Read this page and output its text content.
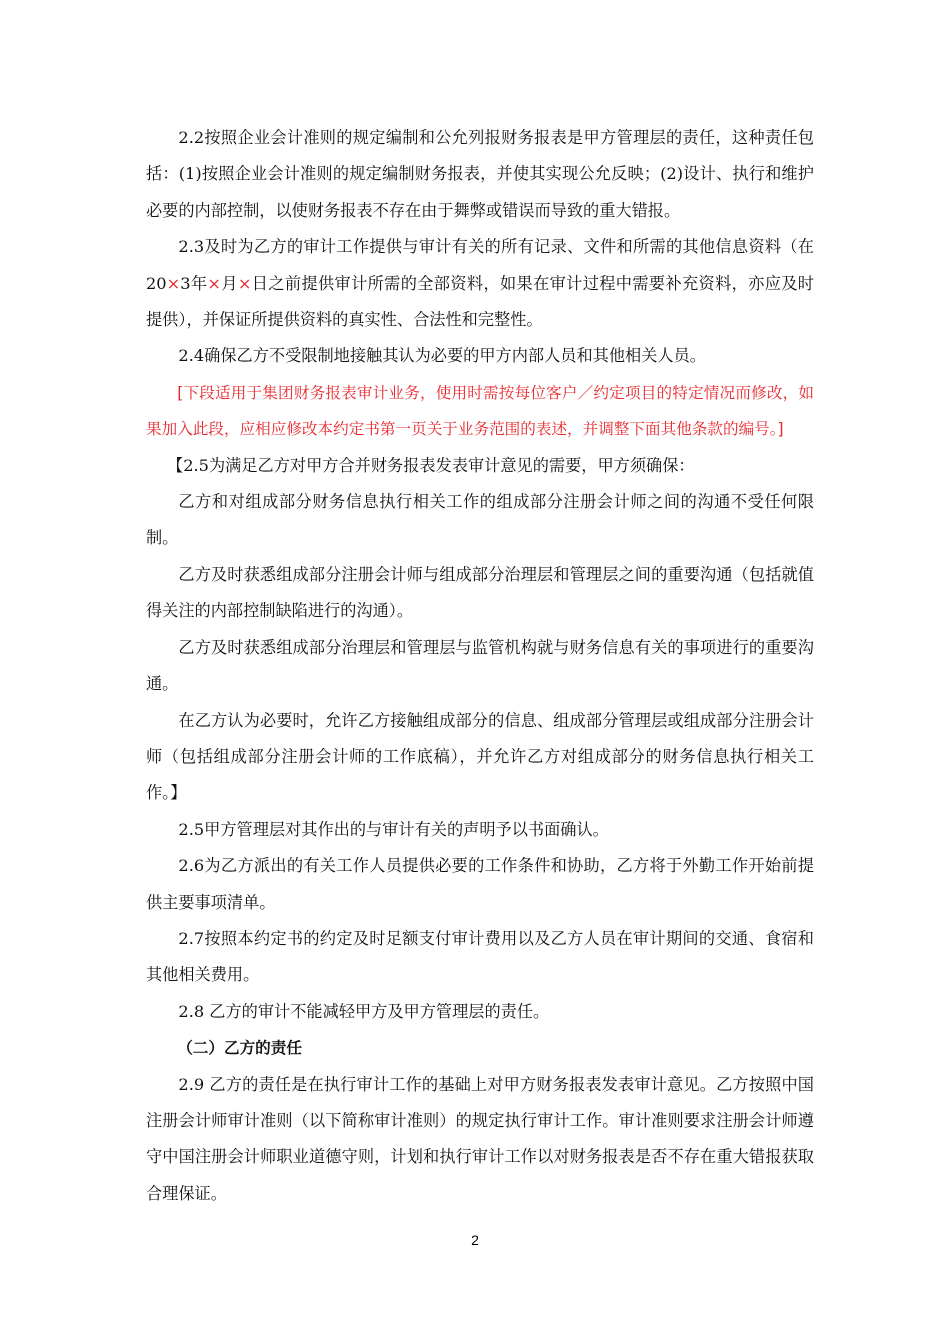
2.2按照企业会计准则的规定编制和公允列报财务报表是甲方管理层的责任，这种责任包括：(1)按照企业会计准则的规定编制财务报表，并使其实现公允反映；(2)设计、执行和维护必要的内部控制，以使财务报表不存在由于舞弊或错误而导致的重大错报。

2.3及时为乙方的审计工作提供与审计有关的所有记录、文件和所需的其他信息资料（在20×3年×月×日之前提供审计所需的全部资料，如果在审计过程中需要补充资料，亦应及时提供），并保证所提供资料的真实性、合法性和完整性。

2.4确保乙方不受限制地接触其认为必要的甲方内部人员和其他相关人员。

[下段适用于集团财务报表审计业务，使用时需按每位客户／约定项目的特定情况而修改，如果加入此段，应相应修改本约定书第一页关于业务范围的表述，并调整下面其他条款的编号。]

【2.5为满足乙方对甲方合并财务报表发表审计意见的需要，甲方须确保：

乙方和对组成部分财务信息执行相关工作的组成部分注册会计师之间的沟通不受任何限制。

乙方及时获悉组成部分注册会计师与组成部分治理层和管理层之间的重要沟通（包括就值得关注的内部控制缺陷进行的沟通）。

乙方及时获悉组成部分治理层和管理层与监管机构就与财务信息有关的事项进行的重要沟通。

在乙方认为必要时，允许乙方接触组成部分的信息、组成部分管理层或组成部分注册会计师（包括组成部分注册会计师的工作底稿），并允许乙方对组成部分的财务信息执行相关工作。】

2.5甲方管理层对其作出的与审计有关的声明予以书面确认。

2.6为乙方派出的有关工作人员提供必要的工作条件和协助，乙方将于外勤工作开始前提供主要事项清单。

2.7按照本约定书的约定及时足额支付审计费用以及乙方人员在审计期间的交通、食宿和其他相关费用。

2.8 乙方的审计不能减轻甲方及甲方管理层的责任。

（二）乙方的责任

2.9 乙方的责任是在执行审计工作的基础上对甲方财务报表发表审计意见。乙方按照中国注册会计师审计准则（以下简称审计准则）的规定执行审计工作。审计准则要求注册会计师遵守中国注册会计师职业道德守则，计划和执行审计工作以对财务报表是否不存在重大错报获取合理保证。

2
